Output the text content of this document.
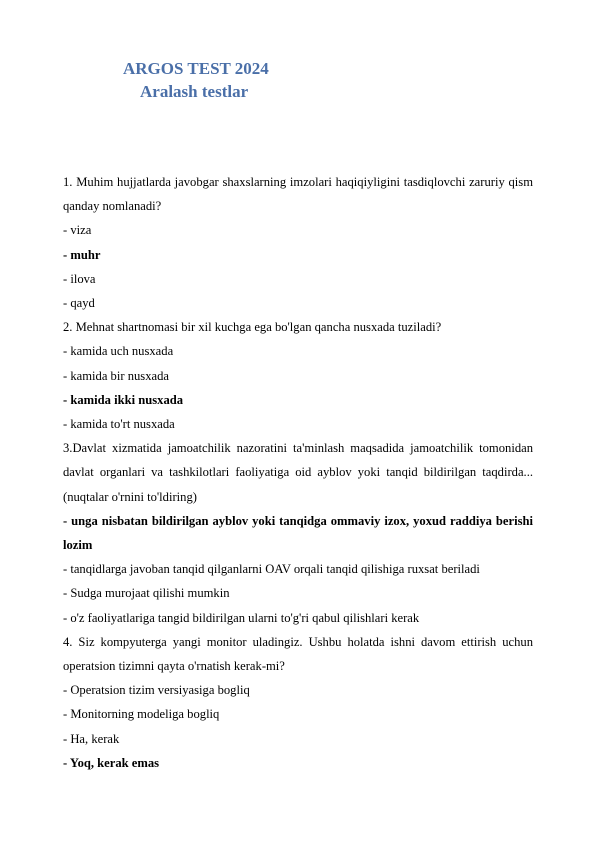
ARGOS TEST 2024
Aralash testlar
1. Muhim hujjatlarda javobgar shaxslarning imzolari haqiqiyligini tasdiqlovchi zaruriy qism qanday nomlanadi?
- viza
- muhr
- ilova
- qayd
2. Mehnat shartnomasi bir xil kuchga ega bo'lgan qancha nusxada tuziladi?
- kamida uch nusxada
- kamida bir nusxada
- kamida ikki nusxada
- kamida to'rt nusxada
3.Davlat xizmatida jamoatchilik nazoratini ta'minlash maqsadida jamoatchilik tomonidan davlat organlari va tashkilotlari faoliyatiga oid ayblov yoki tanqid bildirilgan taqdirda... (nuqtalar o'rnini to'ldiring)
- unga nisbatan bildirilgan ayblov yoki tanqidga ommaviy izox, yoxud raddiya berishi lozim
- tanqidlarga javoban tanqid qilganlarni OAV orqali tanqid qilishiga ruxsat beriladi
- Sudga murojaat qilishi mumkin
- o'z faoliyatlariga tangid bildirilgan ularni to'g'ri qabul qilishlari kerak
4. Siz kompyuterga yangi monitor uladingiz. Ushbu holatda ishni davom ettirish uchun operatsion tizimni qayta o'rnatish kerak-mi?
- Operatsion tizim versiyasiga bogliq
- Monitorning modeliga bogliq
- Ha, kerak
- Yoq, kerak emas
